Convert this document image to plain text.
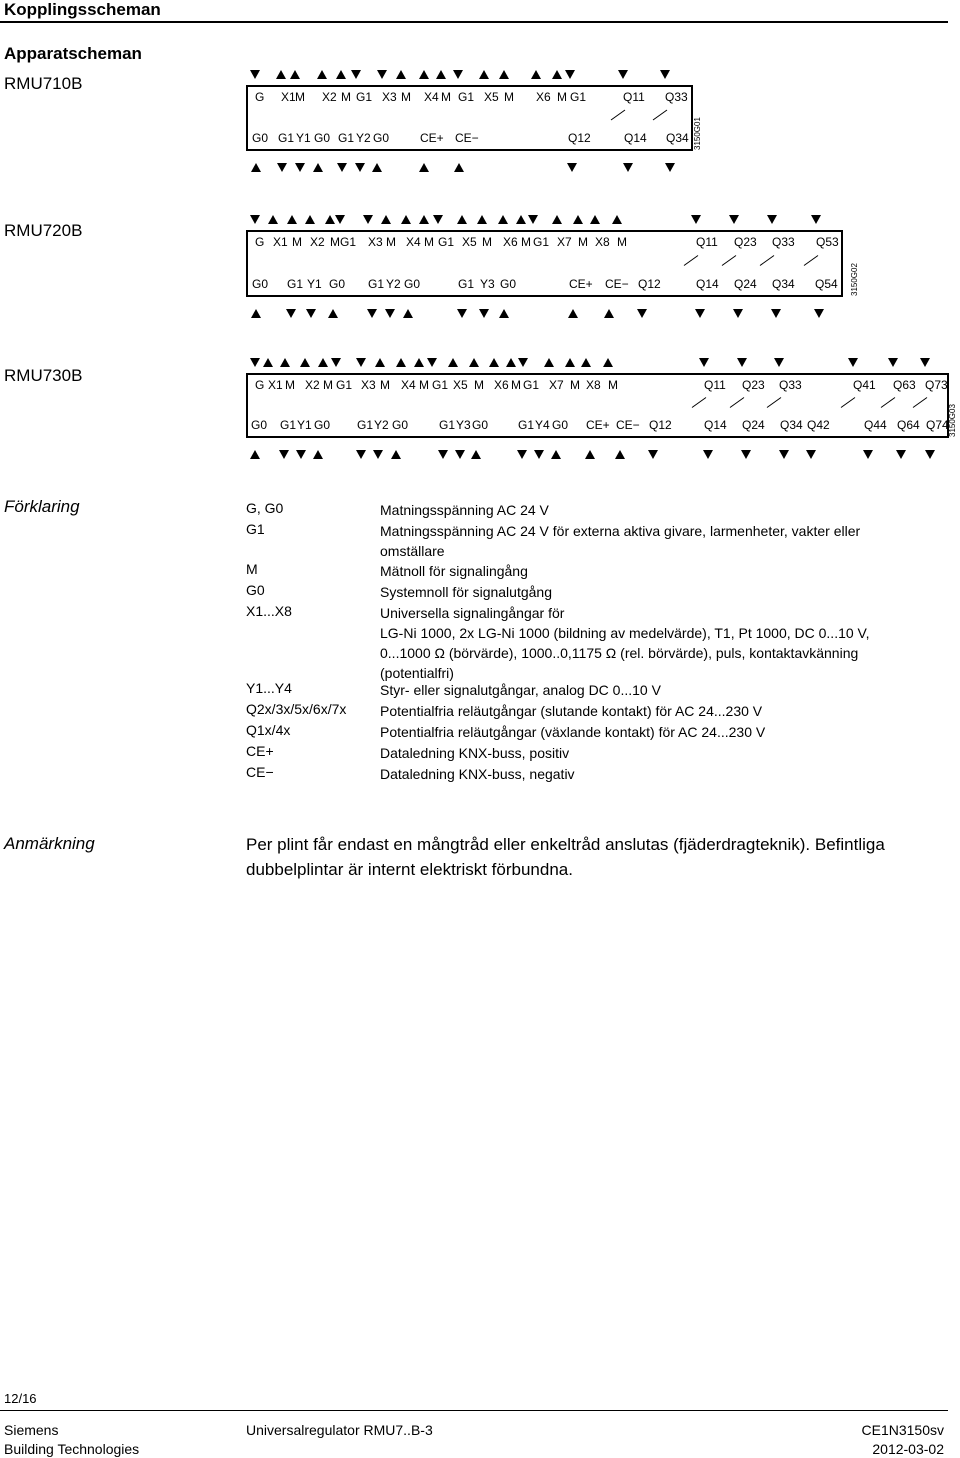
Kopplingsscheman
Apparatscheman
RMU710B
RMU720B
RMU730B
G X1 M X2 M G1 X3 M X4 M G1 X5 M X6 M G1	Q11 Q33
G0 G1 Y1 G0 G1 Y2 G0	CE+ CE−	Q12	Q14 Q34 3150G01
G X1 M X2 M G1 X3 M X4 M G1 X5 M X6 M G1 X7 M X8 M	Q11 Q23 Q33 Q53
G0 G1 Y1 G0 G1 Y2 G0	G1 Y3 G0	CE+ CE− Q12	Q14 Q24 Q34 Q54 3150G02
G X1 M X2 M G1 X3 M X4 M G1 X5 M X6 M G1 X7 M X8 M	Q11 Q23 Q33	Q41 Q63 Q73
G0 G1 Y1 G0 G1 Y2 G0	G1 Y3 G0 G1 Y4 G0 CE+ CE− Q12	Q14 Q24 Q34 Q42	Q44 Q64 Q74 3150G03
Förklaring	G, G0	Matningsspänning AC 24 V
G1	Matningsspänning AC 24 V för externa aktiva givare, larmenheter, vakter eller omställare
M	Mätnoll för signalingång
G0	Systemnoll för signalutgång
X1...X8	Universella signalingångar för
LG-Ni 1000, 2x LG-Ni 1000 (bildning av medelvärde), T1, Pt 1000, DC 0...10 V, 0...1000 Ω (börvärde), 1000..0,1175 Ω (rel. börvärde), puls, kontaktavkänning (potentialfri)
Y1...Y4	Styr- eller signalutgångar, analog DC 0...10 V
Q2x/3x/5x/6x/7x	Potentialfria reläutgångar (slutande kontakt) för AC 24...230 V
Q1x/4x	Potentialfria reläutgångar (växlande kontakt) för AC 24...230 V
CE+	Dataledning KNX-buss, positiv
CE−	Dataledning KNX-buss, negativ
Anmärkning	Per plint får endast en mångtråd eller enkeltråd anslutas (fjäderdragteknik). Befintliga dubbelplintar är internt elektriskt förbundna.
12/16
Siemens
Building Technologies
Universalregulator RMU7..B-3	CE1N3150sv
2012-03-02
